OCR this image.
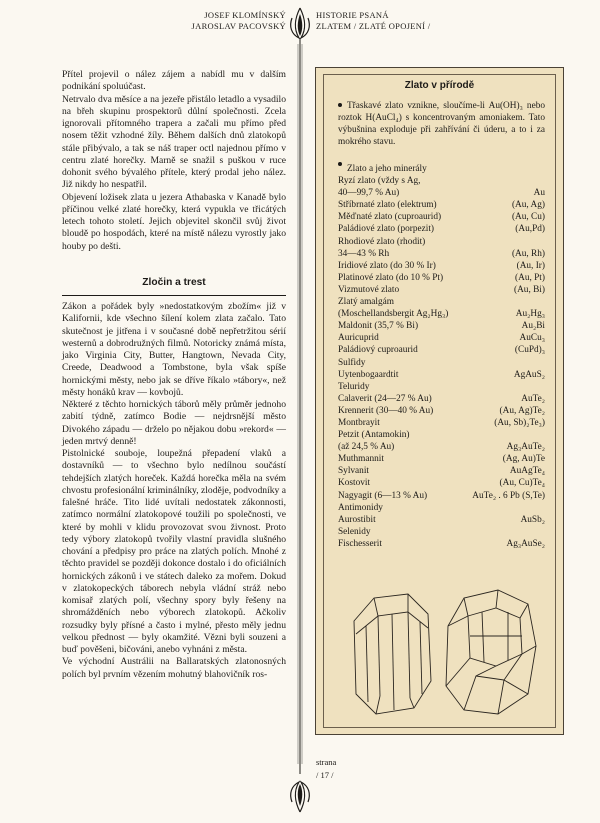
JOSEF KLOMÍNSKÝ
JAROSLAV PACOVSKÝ
HISTORIE PSANÁ
ZLATEM / ZLATÉ OPOJENÍ /

Přítel projevil o nález zájem a nabídl mu v dalším podnikání spoluúčast.

Netrvalo dva měsíce a na jezeře přistálo letadlo a vysadilo na břeh skupinu prospektorů důlní společnosti. Zcela ignorovali přítomného trapera a začali mu přímo před nosem těžit vzhodné žíly. Během dalších dnů zlatokopů stále přibývalo, a tak se náš traper octl najednou přímo v centru zlaté horečky. Marně se snažil s puškou v ruce dohonit svého bývalého přítele, který prodal jeho nález. Již nikdy ho nespatřil.

Objevení ložisek zlata u jezera Athabaska v Kanadě bylo příčinou velké zlaté horečky, která vypukla ve třicátých letech tohoto století. Jejich objevitel skončil svůj život bloudě po hospodách, které na místě nálezu vyrostly jako houby po dešti.

Zločin a trest

Zákon a pořádek byly »nedostatkovým zbožím« již v Kalifornii, kde všechno šílení kolem zlata začalo. Tato skutečnost je jitřena i v současné době nepřetržitou sérií westernů a dobrodružných filmů. Notoricky známá místa, jako Virginia City, Butter, Hangtown, Nevada City, Creede, Deadwood a Tombstone, byla však spíše hornickými městy, nebo jak se dříve říkalo »tábory«, než městy honáků krav — kovbojů.

Některé z těchto hornických táborů měly průměr jednoho zabití týdně, zatímco Bodie — nejdrsnější město Divokého západu — drželo po nějakou dobu »rekord« — jeden mrtvý denně!

Pistolnické souboje, loupežná přepadení vlaků a dostavníků — to všechno bylo nedílnou součástí tehdejších zlatých horeček. Každá horečka měla na svém chvostu profesionální kriminálníky, zloděje, podvodníky a falešné hráče. Tito lidé uvítali nedostatek zákonnosti, zatímco normální zlatokopové toužili po společnosti, ve které by mohli v klidu provozovat svou živnost. Proto tedy výbory zlatokopů tvořily vlastní pravidla slušného chování a předpisy pro práce na zlatých polích. Mnohé z těchto pravidel se později dokonce dostalo i do oficiálních hornických zákonů i ve státech daleko za mořem. Dokud v zlatokopeckých táborech nebyla vládní stráž nebo komisař zlatých polí, všechny spory byly řešeny na shromážděních nebo výborech zlatokopů. Ačkoliv rozsudky byly přísné a často i mylné, přesto měly jednu velkou přednost — byly okamžité. Vězni byli souzeni a buď pověšeni, bičováni, anebo vyhnáni z města.

Ve východní Austrálii na Ballaratských zlatonosných polích byl prvním vězením mohutný blahovičník ros-

Zlato v přírodě

Třaskavé zlato vznikne, sloučíme-li Au(OH)₃ nebo roztok H(AuCl₄) s koncentrovaným amoniakem. Tato výbušnina exploduje při zahřívání či úderu, a to i za mokrého stavu.

Zlato a jeho minerály
Ryzí zlato (vždy s Ag,
40—99,7 % Au)	Au
Stříbrnaté zlato (elektrum)	(Au, Ag)
Měďnaté zlato (cuproaurid)	(Au, Cu)
Paládiové zlato (porpezit)	(Au,Pd)
Rhodiové zlato (rhodit)
34—43 % Rh	(Au, Rh)
Iridiové zlato (do 30 % Ir)	(Au, Ir)
Platinové zlato (do 10 % Pt)	(Au, Pt)
Vizmutové zlato	(Au, Bi)
Zlatý amalgám
(Moschellandsbergit Ag₂Hg₃)	Au₂Hg₃
Maldonit (35,7 % Bi)	Au₂Bi
Auricuprid	AuCu₃
Paládiový cuproaurid	(CuPd)₃
Sulfidy
Uytenbogaardtit	AgAuS₂
Teluridy
Calaverit (24—27 % Au)	AuTe₂
Krennerit (30—40 % Au)	(Au, Ag)Te₂
Montbrayit	(Au, Sb)₂Te₃)
Petzit (Antamokin)
(až 24,5 % Au)	Ag₃AuTe₂
Muthmannit	(Ag, Au)Te
Sylvanit	AuAgTe₄
Kostovit	(Au, Cu)Te₄
Nagyagit (6—13 % Au)	AuTe₂ . 6 Pb (S,Te)
Antimonidy
Aurostibit	AuSb₂
Selenidy
Fischesserit	Ag₃AuSe₂
strana
/ 17 /
